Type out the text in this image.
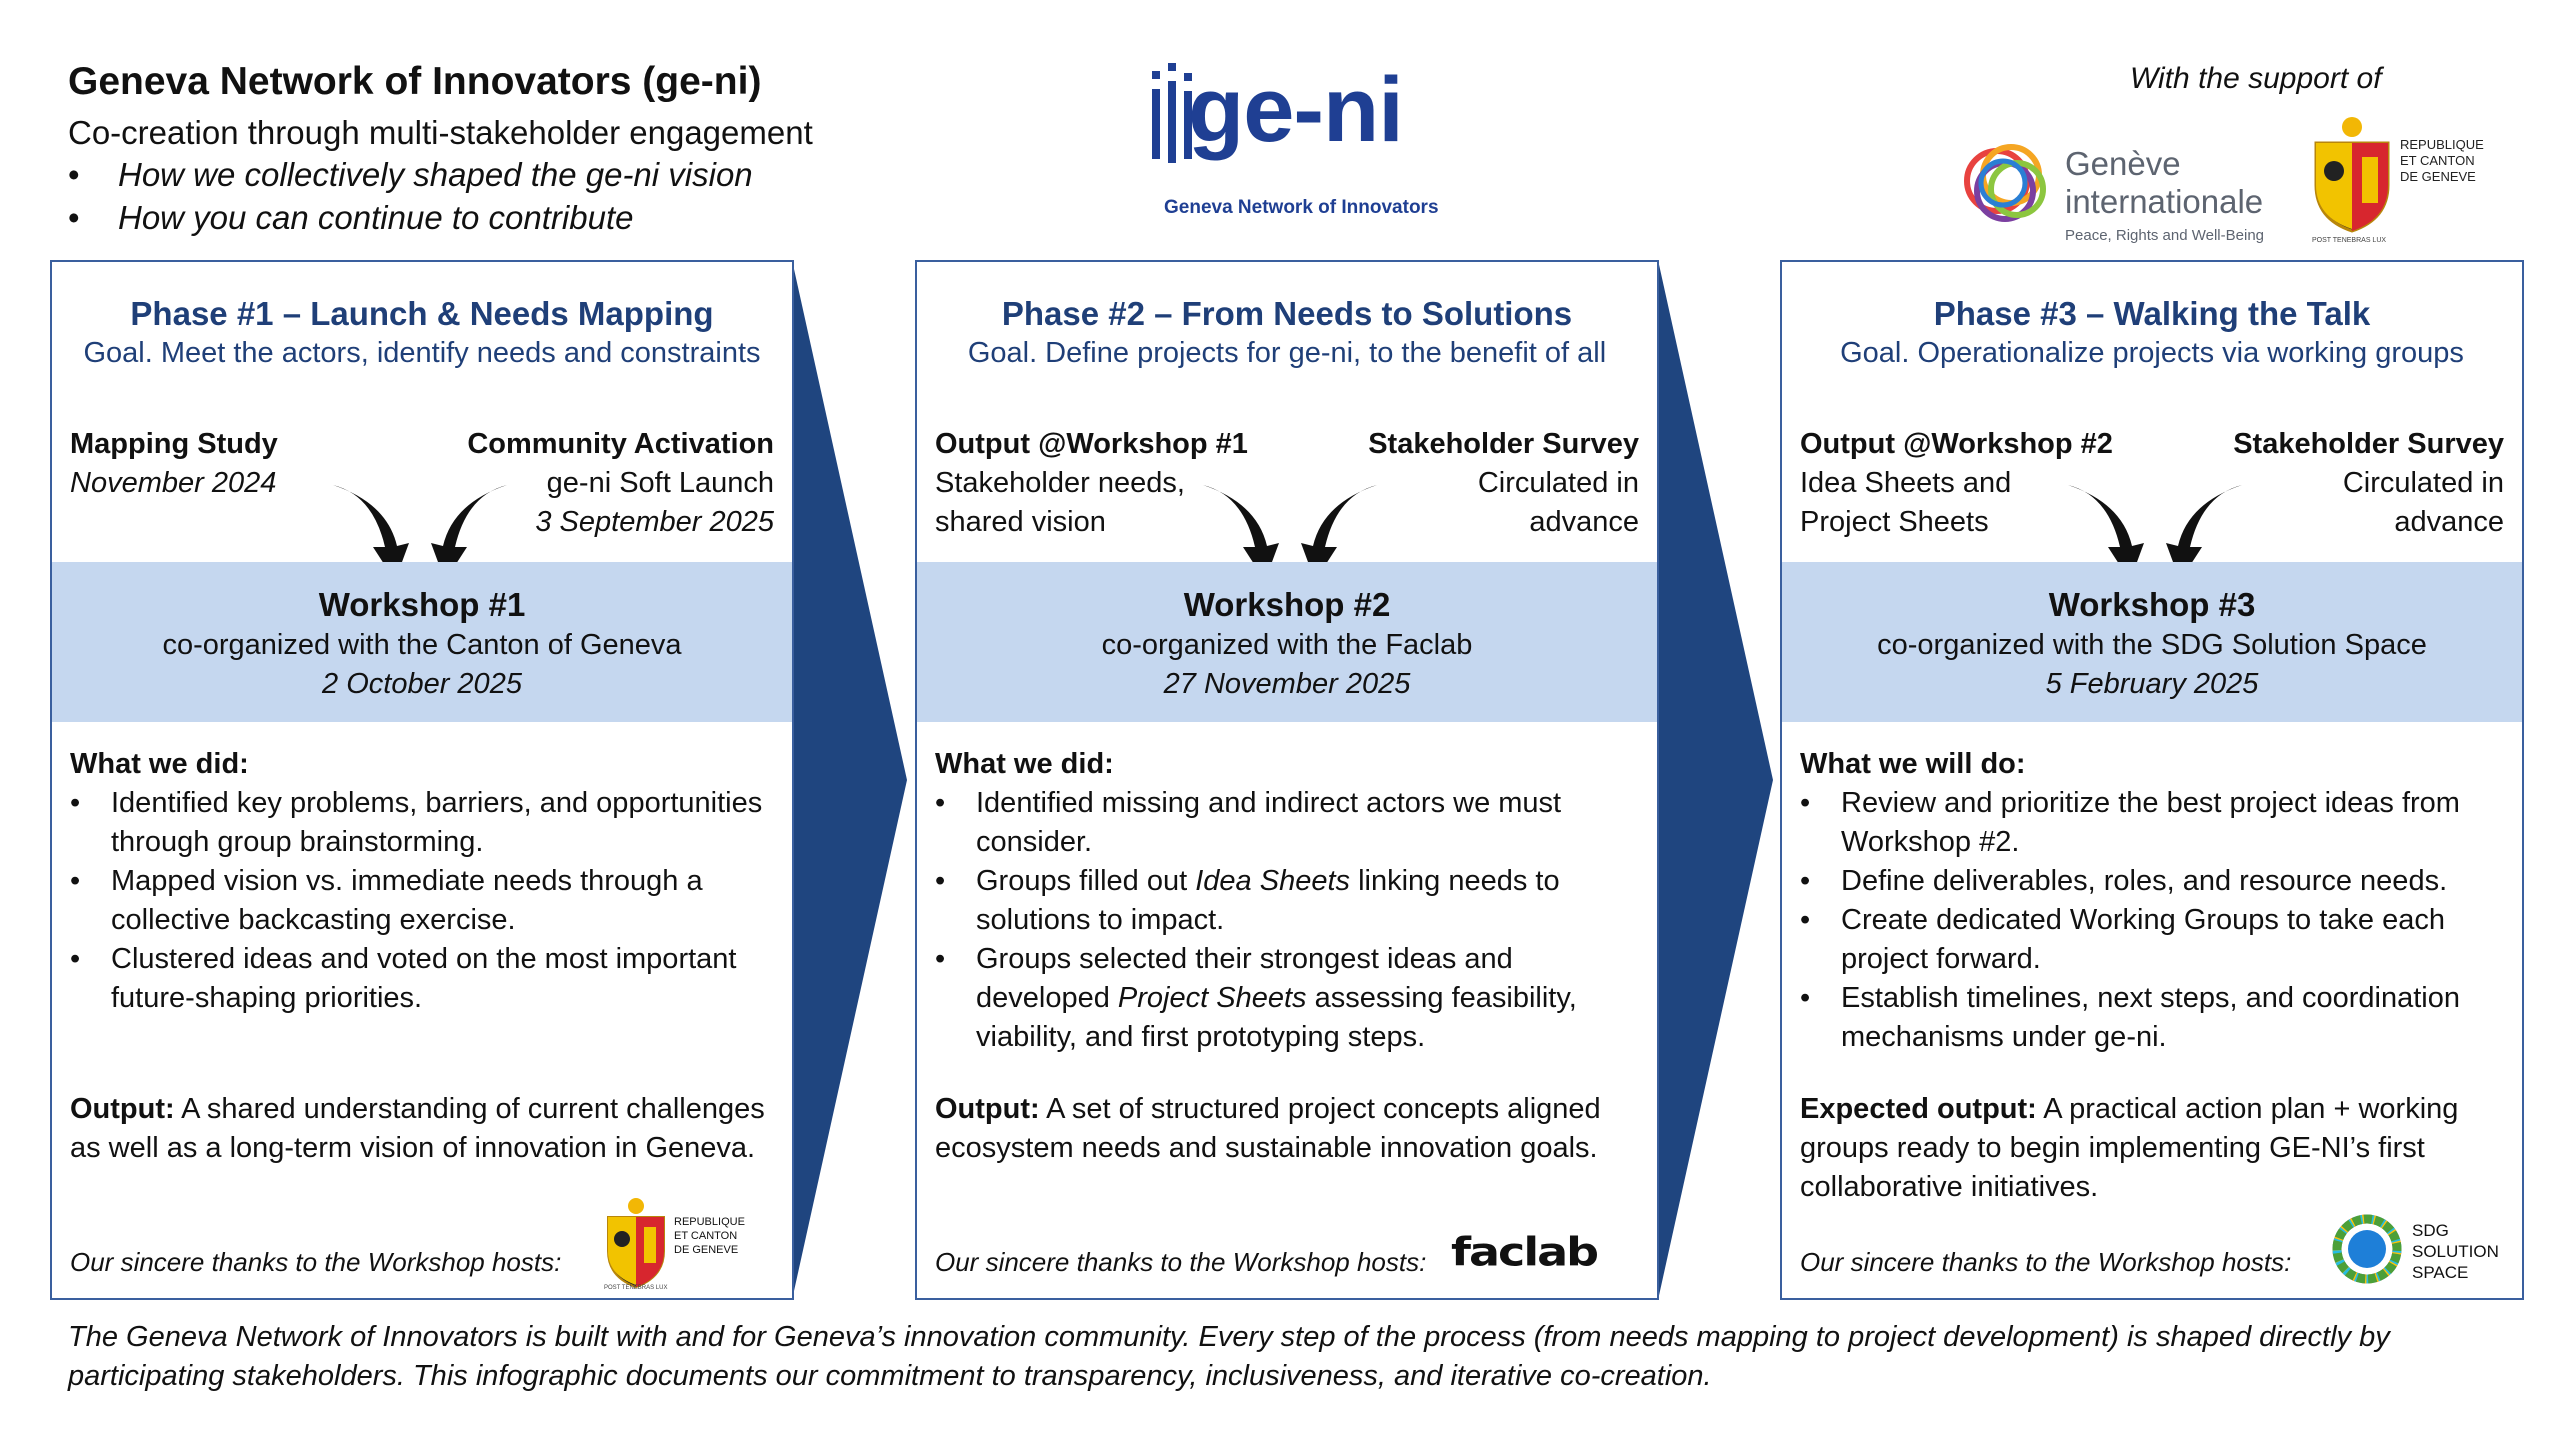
Geneva Network of Innovators (ge-ni)
Co-creation through multi-stakeholder engagement
• How we collectively shaped the ge-ni vision
• How you can continue to contribute
ge-ni
Geneva Network of Innovators
With the support of
Genève
internationale
Peace, Rights and Well-Being
REPUBLIQUE
ET CANTON
DE GENEVE
POST TENEBRAS LUX
Phase #1 – Launch & Needs Mapping
Goal. Meet the actors, identify needs and constraints
Mapping Study
November 2024
Community Activation
ge-ni Soft Launch
3 September 2025
Workshop #1
co-organized with the Canton of Geneva
2 October 2025
What we did:
• Identified key problems, barriers, and opportunities through group brainstorming.
• Mapped vision vs. immediate needs through a collective backcasting exercise.
• Clustered ideas and voted on the most important future-shaping priorities.
Output: A shared understanding of current challenges as well as a long-term vision of innovation in Geneva.
Our sincere thanks to the Workshop hosts:
REPUBLIQUE
ET CANTON
DE GENEVE
POST TENEBRAS LUX
Phase #2 – From Needs to Solutions
Goal. Define projects for ge-ni, to the benefit of all
Output @Workshop #1
Stakeholder needs,
shared vision
Stakeholder Survey
Circulated in
advance
Workshop #2
co-organized with the Faclab
27 November 2025
What we did:
• Identified missing and indirect actors we must consider.
• Groups filled out Idea Sheets linking needs to solutions to impact.
• Groups selected their strongest ideas and developed Project Sheets assessing feasibility, viability, and first prototyping steps.
Output: A set of structured project concepts aligned ecosystem needs and sustainable innovation goals.
Our sincere thanks to the Workshop hosts: faclab
Phase #3 – Walking the Talk
Goal. Operationalize projects via working groups
Output @Workshop #2
Idea Sheets and
Project Sheets
Stakeholder Survey
Circulated in
advance
Workshop #3
co-organized with the SDG Solution Space
5 February 2025
What we will do:
• Review and prioritize the best project ideas from Workshop #2.
• Define deliverables, roles, and resource needs.
• Create dedicated Working Groups to take each project forward.
• Establish timelines, next steps, and coordination mechanisms under ge-ni.
Expected output: A practical action plan + working groups ready to begin implementing GE-NI’s first collaborative initiatives.
Our sincere thanks to the Workshop hosts:
SDG
SOLUTION
SPACE
The Geneva Network of Innovators is built with and for Geneva’s innovation community. Every step of the process (from needs mapping to project development) is shaped directly by participating stakeholders. This infographic documents our commitment to transparency, inclusiveness, and iterative co-creation.
